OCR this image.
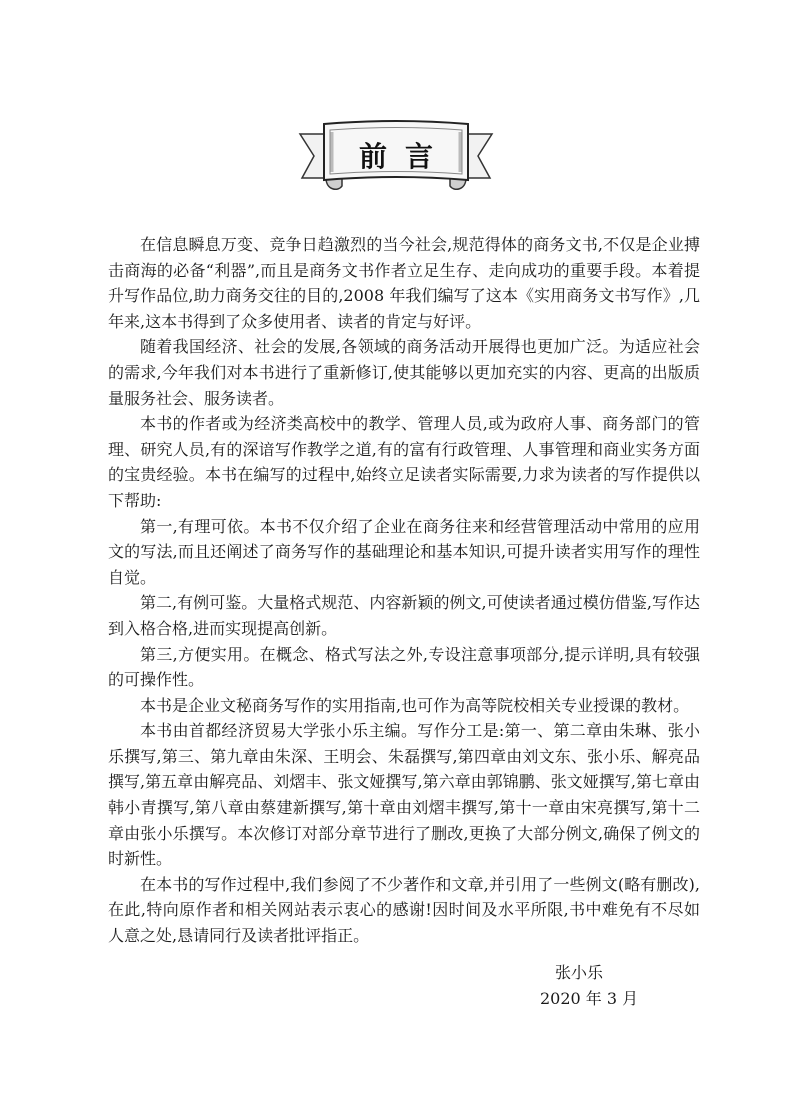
前言

在信息瞬息万变、竞争日趋激烈的当今社会,规范得体的商务文书,不仅是企业搏击商海的必备“利器”,而且是商务文书作者立足生存、走向成功的重要手段。本着提升写作品位,助力商务交往的目的,2008 年我们编写了这本《实用商务文书写作》,几年来,这本书得到了众多使用者、读者的肯定与好评。

随着我国经济、社会的发展,各领域的商务活动开展得也更加广泛。为适应社会的需求,今年我们对本书进行了重新修订,使其能够以更加充实的内容、更高的出版质量服务社会、服务读者。

本书的作者或为经济类高校中的教学、管理人员,或为政府人事、商务部门的管理、研究人员,有的深谙写作教学之道,有的富有行政管理、人事管理和商业实务方面的宝贵经验。本书在编写的过程中,始终立足读者实际需要,力求为读者的写作提供以下帮助:

第一,有理可依。本书不仅介绍了企业在商务往来和经营管理活动中常用的应用文的写法,而且还阐述了商务写作的基础理论和基本知识,可提升读者实用写作的理性自觉。

第二,有例可鉴。大量格式规范、内容新颖的例文,可使读者通过模仿借鉴,写作达到入格合格,进而实现提高创新。

第三,方便实用。在概念、格式写法之外,专设注意事项部分,提示详明,具有较强的可操作性。

本书是企业文秘商务写作的实用指南,也可作为高等院校相关专业授课的教材。

本书由首都经济贸易大学张小乐主编。写作分工是:第一、第二章由朱琳、张小乐撰写,第三、第九章由朱深、王明会、朱磊撰写,第四章由刘文东、张小乐、解亮品撰写,第五章由解亮品、刘熠丰、张文娅撰写,第六章由郭锦鹏、张文娅撰写,第七章由韩小青撰写,第八章由蔡建新撰写,第十章由刘熠丰撰写,第十一章由宋亮撰写,第十二章由张小乐撰写。本次修订对部分章节进行了删改,更换了大部分例文,确保了例文的时新性。

在本书的写作过程中,我们参阅了不少著作和文章,并引用了一些例文(略有删改),在此,特向原作者和相关网站表示衷心的感谢!因时间及水平所限,书中难免有不尽如人意之处,恳请同行及读者批评指正。

张小乐
2020 年 3 月
